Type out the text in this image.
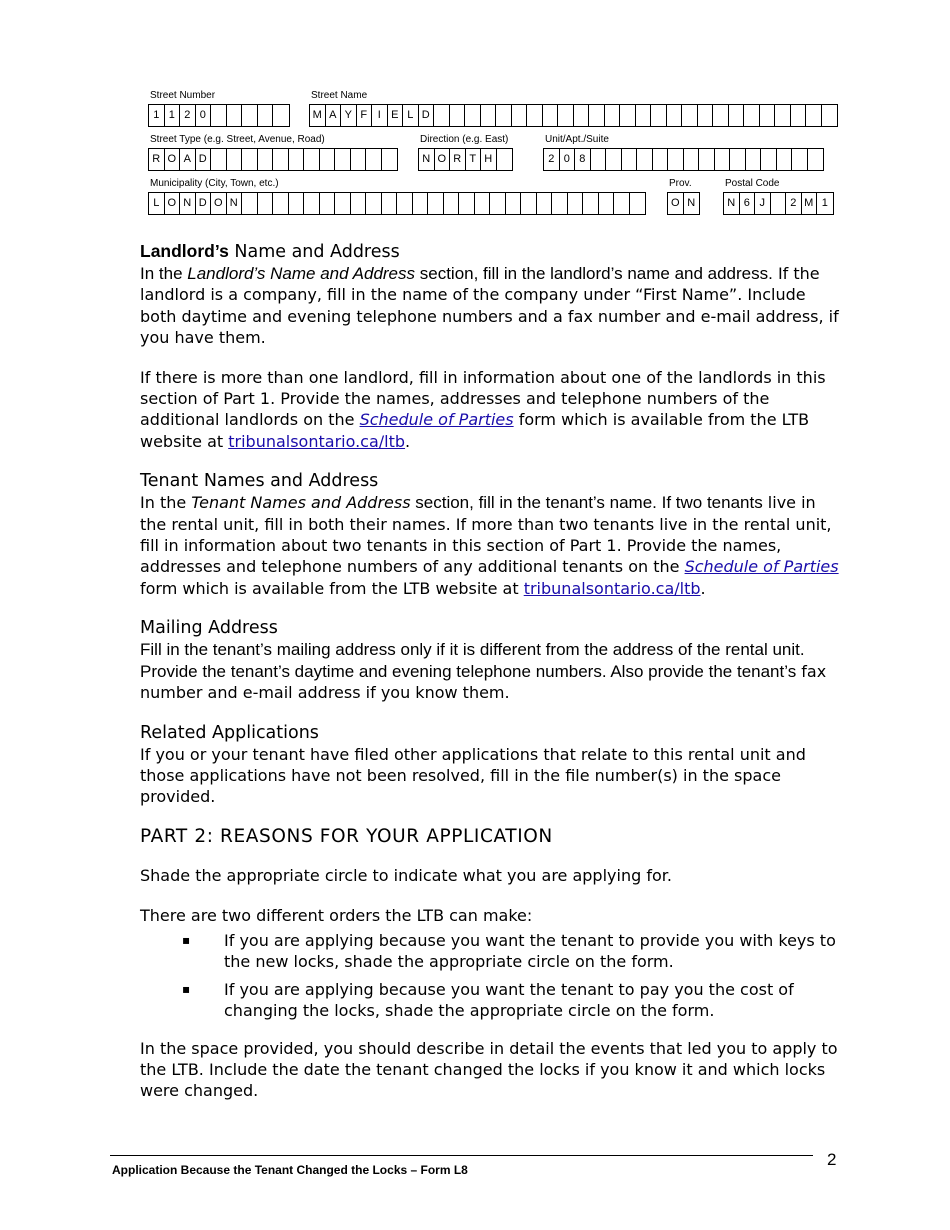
Street Number
1 1 2 0
Street Name
M A Y F I E L D
Street Type (e.g. Street, Avenue, Road)
R O A D
Direction (e.g. East)
N O R T H
Unit/Apt./Suite
2 0 8
Municipality (City, Town, etc.)
L O N D O N
Prov.
O N
Postal Code
N 6 J	2 M 1
Landlord’s Name and Address

In the Landlord’s Name and Address section, fill in the landlord’s name and address. If the landlord is a company, fill in the name of the company under “First Name”. Include both daytime and evening telephone numbers and a fax number and e-mail address, if you have them.

If there is more than one landlord, fill in information about one of the landlords in this section of Part 1. Provide the names, addresses and telephone numbers of the additional landlords on the Schedule of Parties form which is available from the LTB website at tribunalsontario.ca/ltb.

Tenant Names and Address

In the Tenant Names and Address section, fill in the tenant’s name. If two tenants live in the rental unit, fill in both their names. If more than two tenants live in the rental unit, fill in information about two tenants in this section of Part 1. Provide the names, addresses and telephone numbers of any additional tenants on the Schedule of Parties form which is available from the LTB website at tribunalsontario.ca/ltb.

Mailing Address

Fill in the tenant’s mailing address only if it is different from the address of the rental unit. Provide the tenant’s daytime and evening telephone numbers. Also provide the tenant’s fax number and e-mail address if you know them.

Related Applications

If you or your tenant have filed other applications that relate to this rental unit and those applications have not been resolved, fill in the file number(s) in the space provided.

PART 2: REASONS FOR YOUR APPLICATION

Shade the appropriate circle to indicate what you are applying for.

There are two different orders the LTB can make:

▪ If you are applying because you want the tenant to provide you with keys to the new locks, shade the appropriate circle on the form.
▪ If you are applying because you want the tenant to pay you the cost of changing the locks, shade the appropriate circle on the form.

In the space provided, you should describe in detail the events that led you to apply to the LTB. Include the date the tenant changed the locks if you know it and which locks were changed.

Application Because the Tenant Changed the Locks – Form L8
2
